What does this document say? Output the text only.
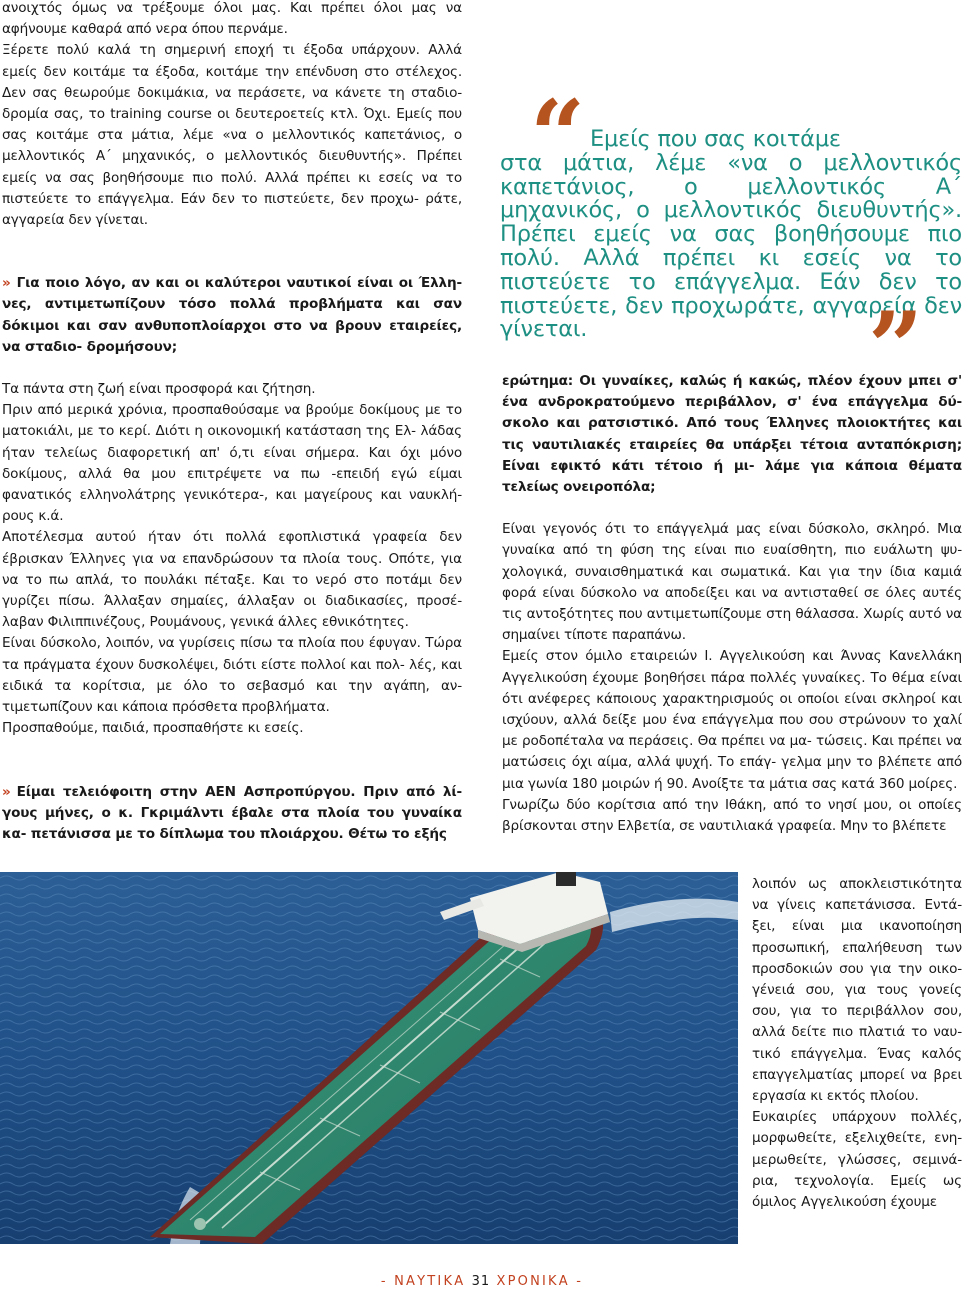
ανοιχτός όμως να τρέξουμε όλοι μας. Και πρέπει όλοι μας να αφήνουμε καθαρά από νερα όπου περνάμε.

Ξέρετε πολύ καλά τη σημερινή εποχή τι έξοδα υπάρχουν. Αλλά εμείς δεν κοιτάμε τα έξοδα, κοιτάμε την επένδυση στο στέλεχος. Δεν σας θεωρούμε δοκιμάκια, να περάσετε, να κάνετε τη σταδιο- δρομία σας, το training course οι δευτεροετείς κτλ. Όχι. Εμείς που σας κοιτάμε στα μάτια, λέμε «να ο μελλοντικός καπετάνιος, ο μελλοντικός Α΄ μηχανικός, ο μελλοντικός διευθυντής». Πρέπει εμείς να σας βοηθήσουμε πιο πολύ. Αλλά πρέπει κι εσείς να το πιστεύετε το επάγγελμα. Εάν δεν το πιστεύετε, δεν προχω- ράτε, αγγαρεία δεν γίνεται.

» Για ποιο λόγο, αν και οι καλύτεροι ναυτικοί είναι οι Έλλη- νες, αντιμετωπίζουν τόσο πολλά προβλήματα και σαν δόκιμοι και σαν ανθυποπλοίαρχοι στο να βρουν εταιρείες, να σταδιο- δρομήσουν;

Τα πάντα στη ζωή είναι προσφορά και ζήτηση.

Πριν από μερικά χρόνια, προσπαθούσαμε να βρούμε δοκίμους με το ματοκιάλι, με το κερί. Διότι η οικονομική κατάσταση της Ελ- λάδας ήταν τελείως διαφορετική απ' ό,τι είναι σήμερα. Και όχι μόνο δοκίμους, αλλά θα μου επιτρέψετε να πω -επειδή εγώ είμαι φανατικός ελληνολάτρης γενικότερα-, και μαγείρους και ναυκλή- ρους κ.ά.

Αποτέλεσμα αυτού ήταν ότι πολλά εφοπλιστικά γραφεία δεν έβρισκαν Έλληνες για να επανδρώσουν τα πλοία τους. Οπότε, για να το πω απλά, το πουλάκι πέταξε. Και το νερό στο ποτάμι δεν γυρίζει πίσω. Άλλαξαν σημαίες, άλλαξαν οι διαδικασίες, προσέ- λαβαν Φιλιππινέζους, Ρουμάνους, γενικά άλλες εθνικότητες.

Είναι δύσκολο, λοιπόν, να γυρίσεις πίσω τα πλοία που έφυγαν. Τώρα τα πράγματα έχουν δυσκολέψει, διότι είστε πολλοί και πολ- λές, και ειδικά τα κορίτσια, με όλο το σεβασμό και την αγάπη, αν- τιμετωπίζουν και κάποια πρόσθετα προβλήματα.

Προσπαθούμε, παιδιά, προσπαθήστε κι εσείς.

» Είμαι τελειόφοιτη στην ΑΕΝ Ασπροπύργου. Πριν από λί- γους μήνες, ο κ. Γκριμάλντι έβαλε στα πλοία του γυναίκα κα- πετάνισσα με το δίπλωμα του πλοιάρχου. Θέτω το εξής

“ Εμείς που σας κοιτάμε

στα μάτια, λέμε «να ο μελλοντικός καπετάνιος, ο μελλοντικός Α΄ μηχανικός, ο μελλοντικός διευθυντής». Πρέπει εμείς να σας βοηθήσουμε πιο πολύ. Αλλά πρέπει κι εσείς να το πιστεύετε το επάγγελμα. Εάν δεν το πιστεύετε, δεν προχωράτε, αγγαρεία δεν γίνεται.	”

ερώτημα: Οι γυναίκες, καλώς ή κακώς, πλέον έχουν μπει σ' ένα ανδροκρατούμενο περιβάλλον, σ' ένα επάγγελμα δύ- σκολο και ρατσιστικό. Από τους Έλληνες πλοιοκτήτες και τις ναυτιλιακές εταιρείες θα υπάρξει τέτοια ανταπόκριση; Είναι εφικτό κάτι τέτοιο ή μι- λάμε για κάποια θέματα τελείως ονειροπόλα;

Είναι γεγονός ότι το επάγγελμά μας είναι δύσκολο, σκληρό. Μια γυναίκα από τη φύση της είναι πιο ευαίσθητη, πιο ευάλωτη ψυ- χολογικά, συναισθηματικά και σωματικά. Και για την ίδια καμιά φορά είναι δύσκολο να αποδείξει και να αντισταθεί σε όλες αυτές τις αντοξότητες που αντιμετωπίζουμε στη θάλασσα. Χωρίς αυτό να σημαίνει τίποτε παραπάνω.

Εμείς στον όμιλο εταιρειών Ι. Αγγελικούση και Άννας Κανελλάκη Αγγελικούση έχουμε βοηθήσει πάρα πολλές γυναίκες. Το θέμα είναι ότι ανέφερες κάποιους χαρακτηρισμούς οι οποίοι είναι σκληροί και ισχύουν, αλλά δείξε μου ένα επάγγελμα που σου στρώνουν το χαλί με ροδοπέταλα να περάσεις. Θα πρέπει να μα- τώσεις. Και πρέπει να ματώσεις όχι αίμα, αλλά ψυχή. Το επάγ- γελμα μην το βλέπετε από μια γωνία 180 μοιρών ή 90. Ανοίξτε τα μάτια σας κατά 360 μοίρες.

Γνωρίζω δύο κορίτσια από την Ιθάκη, από το νησί μου, οι οποίες βρίσκονται στην Ελβετία, σε ναυτιλιακά γραφεία. Μην το βλέπετε

λοιπόν ως αποκλειστικότητα να γίνεις καπετάνισσα. Εντά- ξει, είναι μια ικανοποίηση προσωπική, επαλήθευση των προσδοκιών σου για την οικο- γένειά σου, για τους γονείς σου, για το περιβάλλον σου, αλλά δείτε πιο πλατιά το ναυ- τικό επάγγελμα. Ένας καλός επαγγελματίας μπορεί να βρει εργασία κι εκτός πλοίου.

Ευκαιρίες υπάρχουν πολλές, μορφωθείτε, εξελιχθείτε, ενη- μερωθείτε, γλώσσες, σεμινά- ρια, τεχνολογία. Εμείς ως όμιλος Αγγελικούση έχουμε

- ΝΑΥΤΙΚΑ 31 ΧΡΟΝΙΚΑ -
